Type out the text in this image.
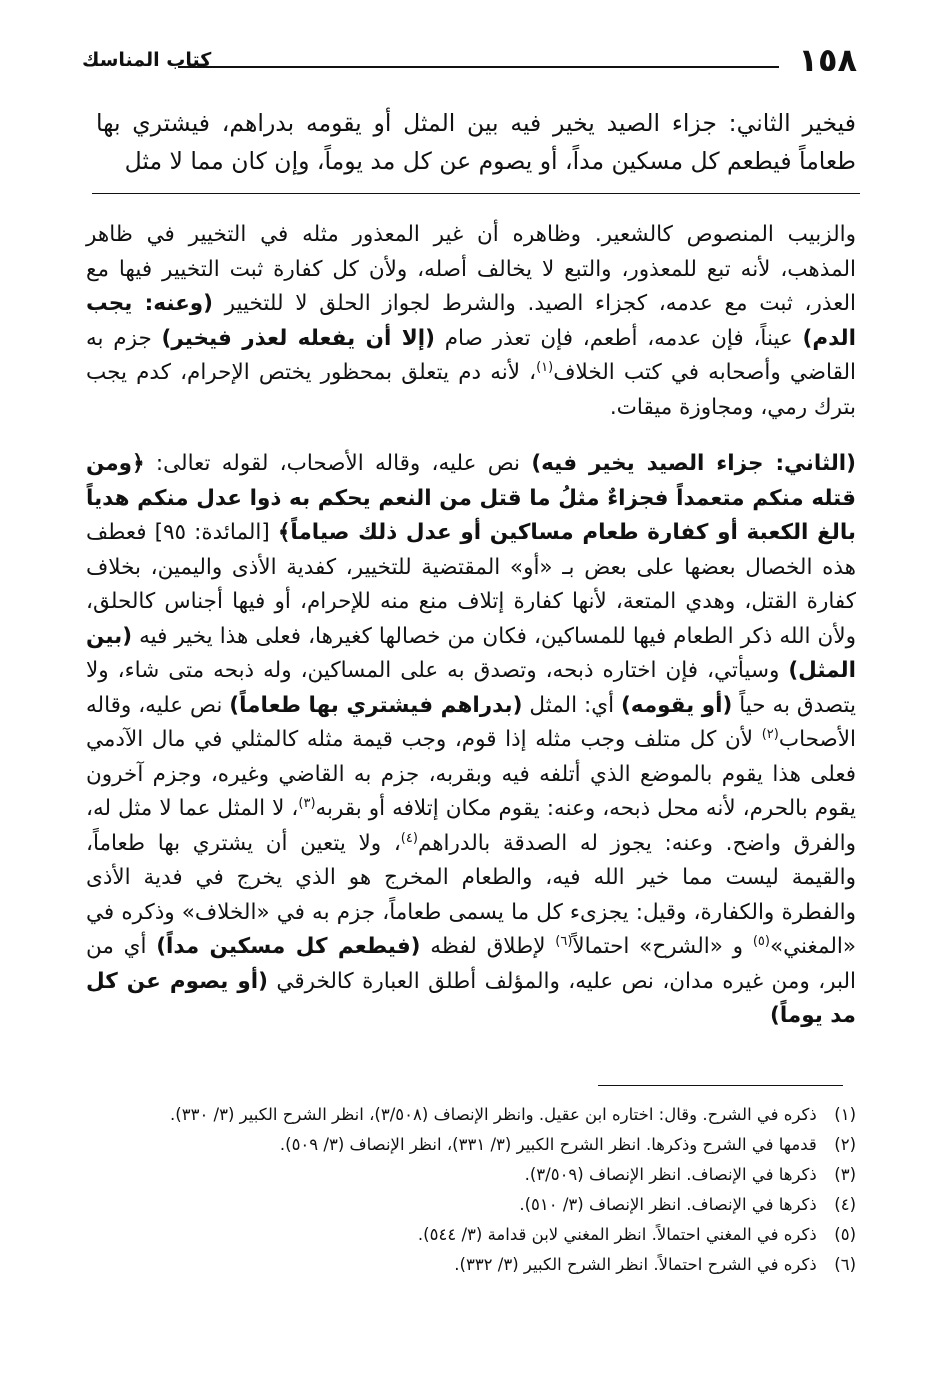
١٥٨
كتاب المناسك
فيخير الثاني: جزاء الصيد يخير فيه بين المثل أو يقومه بدراهم، فيشتري بها طعاماً فيطعم كل مسكين مداً، أو يصوم عن كل مد يوماً، وإن كان مما لا مثل

والزبيب المنصوص كالشعير. وظاهره أن غير المعذور مثله في التخيير في ظاهر المذهب، لأنه تبع للمعذور، والتبع لا يخالف أصله، ولأن كل كفارة ثبت التخيير فيها مع العذر، ثبت مع عدمه، كجزاء الصيد. والشرط لجواز الحلق لا للتخيير (وعنه: يجب الدم) عيناً، فإن عدمه، أطعم، فإن تعذر صام (إلا أن يفعله لعذر فيخير) جزم به القاضي وأصحابه في كتب الخلاف$^{(١)}$، لأنه دم يتعلق بمحظور يختص الإحرام، كدم يجب بترك رمي، ومجاوزة ميقات.

(الثاني: جزاء الصيد يخير فيه) نص عليه، وقاله الأصحاب، لقوله تعالى: ﴿ومن قتله منكم متعمداً فجزاءٌ مثلُ ما قتل من النعم يحكم به ذوا عدل منكم هدياً بالغ الكعبة أو كفارة طعام مساكين أو عدل ذلك صياماً﴾ [المائدة: ٩٥] فعطف هذه الخصال بعضها على بعض بـ «أو» المقتضية للتخيير، كفدية الأذى واليمين، بخلاف كفارة القتل، وهدي المتعة، لأنها كفارة إتلاف منع منه للإحرام، أو فيها أجناس كالحلق، ولأن الله ذكر الطعام فيها للمساكين، فكان من خصالها كغيرها، فعلى هذا يخير فيه (بين المثل) وسيأتي، فإن اختاره ذبحه، وتصدق به على المساكين، وله ذبحه متى شاء، ولا يتصدق به حياً (أو يقومه) أي: المثل (بدراهم فيشتري بها طعاماً) نص عليه، وقاله الأصحاب$^{(٢)}$ لأن كل متلف وجب مثله إذا قوم، وجب قيمة مثله كالمثلي في مال الآدمي فعلى هذا يقوم بالموضع الذي أتلفه فيه وبقربه، جزم به القاضي وغيره، وجزم آخرون يقوم بالحرم، لأنه محل ذبحه، وعنه: يقوم مكان إتلافه أو بقربه$^{(٣)}$، لا المثل عما لا مثل له، والفرق واضح. وعنه: يجوز له الصدقة بالدراهم$^{(٤)}$، ولا يتعين أن يشتري بها طعاماً، والقيمة ليست مما خير الله فيه، والطعام المخرج هو الذي يخرج في فدية الأذى والفطرة والكفارة، وقيل: يجزىء كل ما يسمى طعاماً، جزم به في «الخلاف» وذكره في «المغني»$^{(٥)}$ و «الشرح» احتمالاً$^{(٦)}$ لإطلاق لفظه (فيطعم كل مسكين مداً) أي من البر، ومن غيره مدان، نص عليه، والمؤلف أطلق العبارة كالخرقي (أو يصوم عن كل مد يوماً)

(١) ذكره في الشرح. وقال: اختاره ابن عقيل. وانظر الإنصاف (٣/٥٠٨)، انظر الشرح الكبير (٣/ ٣٣٠).
(٢) قدمها في الشرح وذكرها. انظر الشرح الكبير (٣/ ٣٣١)، انظر الإنصاف (٣/ ٥٠٩).
(٣) ذكرها في الإنصاف. انظر الإنصاف (٣/٥٠٩).
(٤) ذكرها في الإنصاف. انظر الإنصاف (٣/ ٥١٠).
(٥) ذكره في المغني احتمالاً. انظر المغني لابن قدامة (٣/ ٥٤٤).
(٦) ذكره في الشرح احتمالاً. انظر الشرح الكبير (٣/ ٣٣٢).
